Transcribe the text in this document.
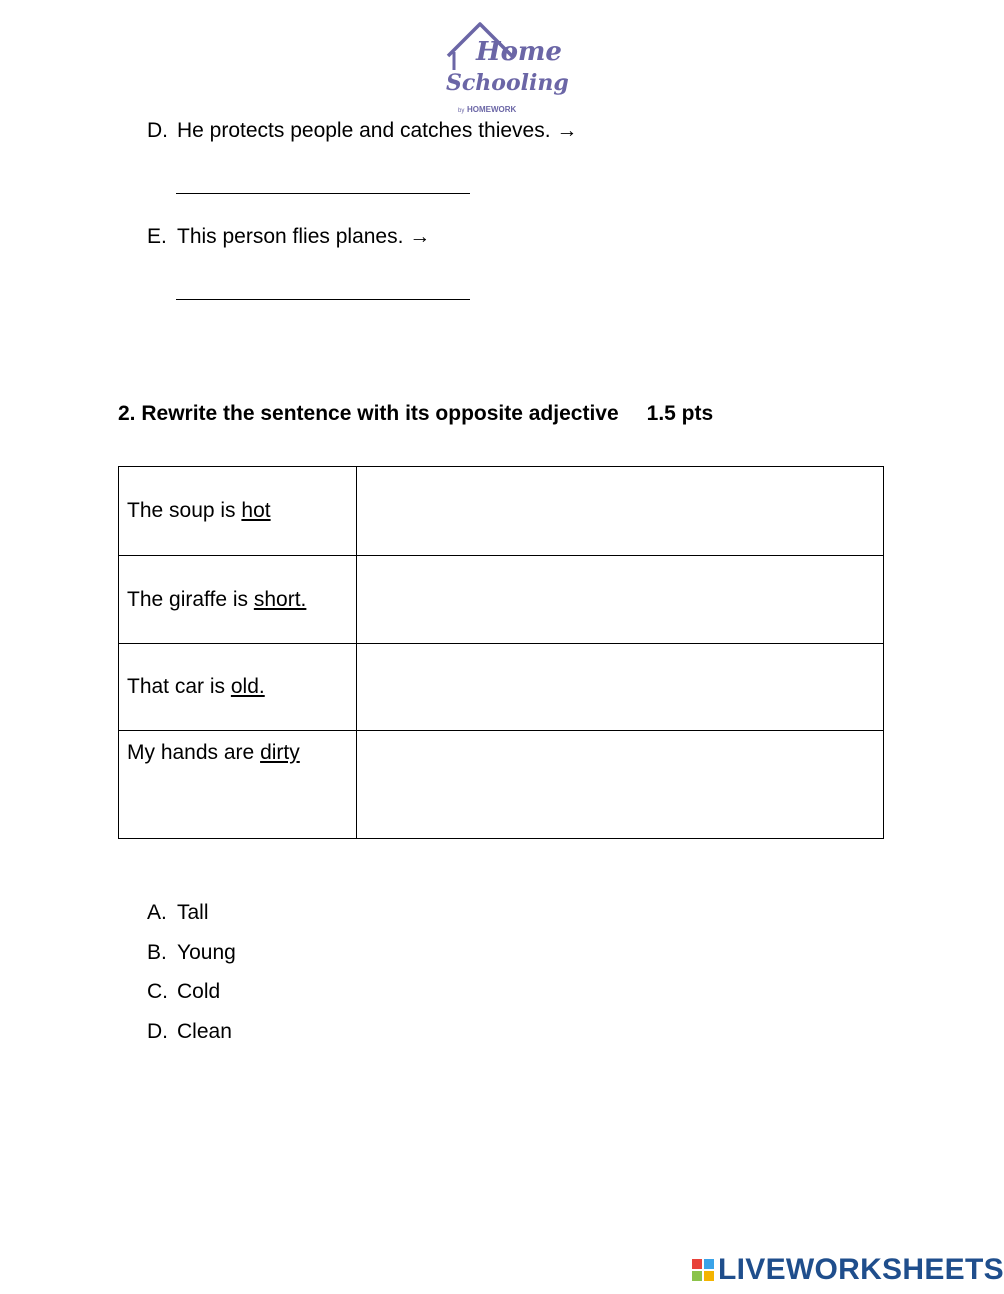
Home
Schooling
by HOMEWORK
D. He protects people and catches thieves. →
E. This person flies planes. →
2. Rewrite the sentence with its opposite adjective 1.5 pts
The soup is hot	
The giraffe is short.	
That car is old.	
My hands are dirty	
A. Tall
B. Young
C. Cold
D. Clean
LIVEWORKSHEETS
